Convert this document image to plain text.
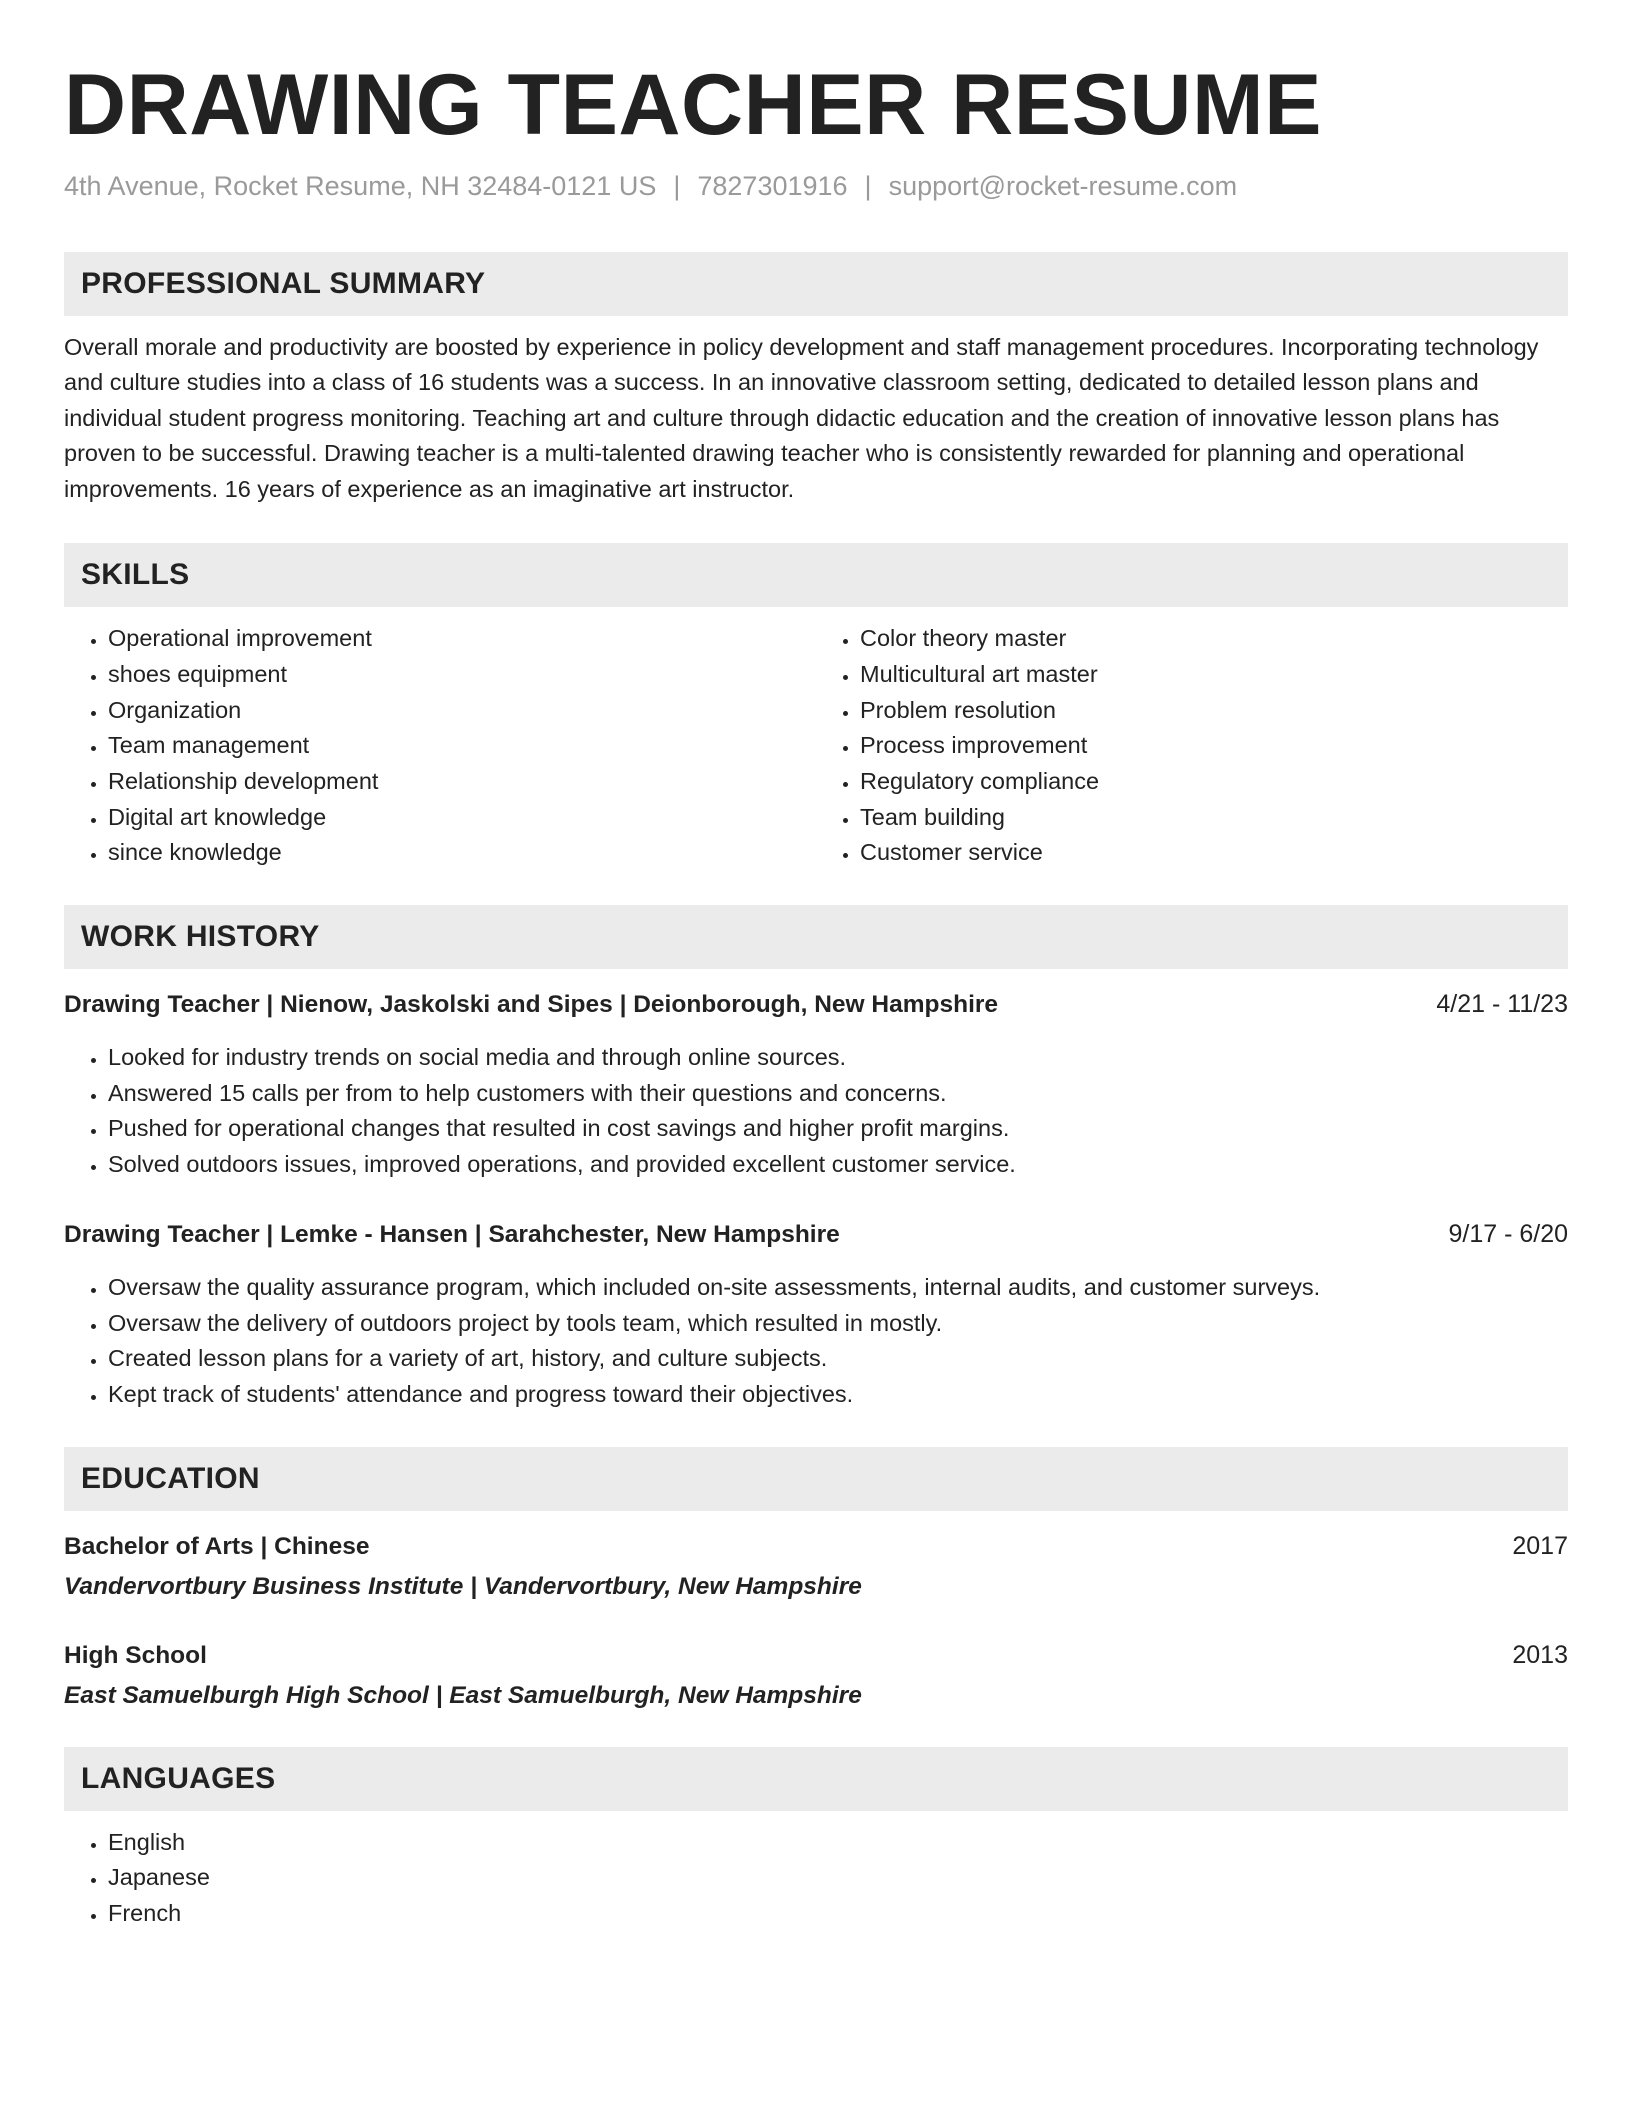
DRAWING TEACHER RESUME
4th Avenue, Rocket Resume, NH 32484-0121 US | 7827301916 | support@rocket-resume.com
PROFESSIONAL SUMMARY

Overall morale and productivity are boosted by experience in policy development and staff management procedures. Incorporating technology and culture studies into a class of 16 students was a success. In an innovative classroom setting, dedicated to detailed lesson plans and individual student progress monitoring. Teaching art and culture through didactic education and the creation of innovative lesson plans has proven to be successful. Drawing teacher is a multi-talented drawing teacher who is consistently rewarded for planning and operational improvements. 16 years of experience as an imaginative art instructor.

SKILLS
• Operational improvement
• shoes equipment
• Organization
• Team management
• Relationship development
• Digital art knowledge
• since knowledge
• Color theory master
• Multicultural art master
• Problem resolution
• Process improvement
• Regulatory compliance
• Team building
• Customer service
WORK HISTORY
Drawing Teacher | Nienow, Jaskolski and Sipes | Deionborough, New Hampshire	4/21 - 11/23
• Looked for industry trends on social media and through online sources.
• Answered 15 calls per from to help customers with their questions and concerns.
• Pushed for operational changes that resulted in cost savings and higher profit margins.
• Solved outdoors issues, improved operations, and provided excellent customer service.
Drawing Teacher | Lemke - Hansen | Sarahchester, New Hampshire	9/17 - 6/20
• Oversaw the quality assurance program, which included on-site assessments, internal audits, and customer surveys.
• Oversaw the delivery of outdoors project by tools team, which resulted in mostly.
• Created lesson plans for a variety of art, history, and culture subjects.
• Kept track of students' attendance and progress toward their objectives.
EDUCATION
Bachelor of Arts | Chinese	2017
Vandervortbury Business Institute | Vandervortbury, New Hampshire
High School	2013
East Samuelburgh High School | East Samuelburgh, New Hampshire
LANGUAGES
• English
• Japanese
• French
